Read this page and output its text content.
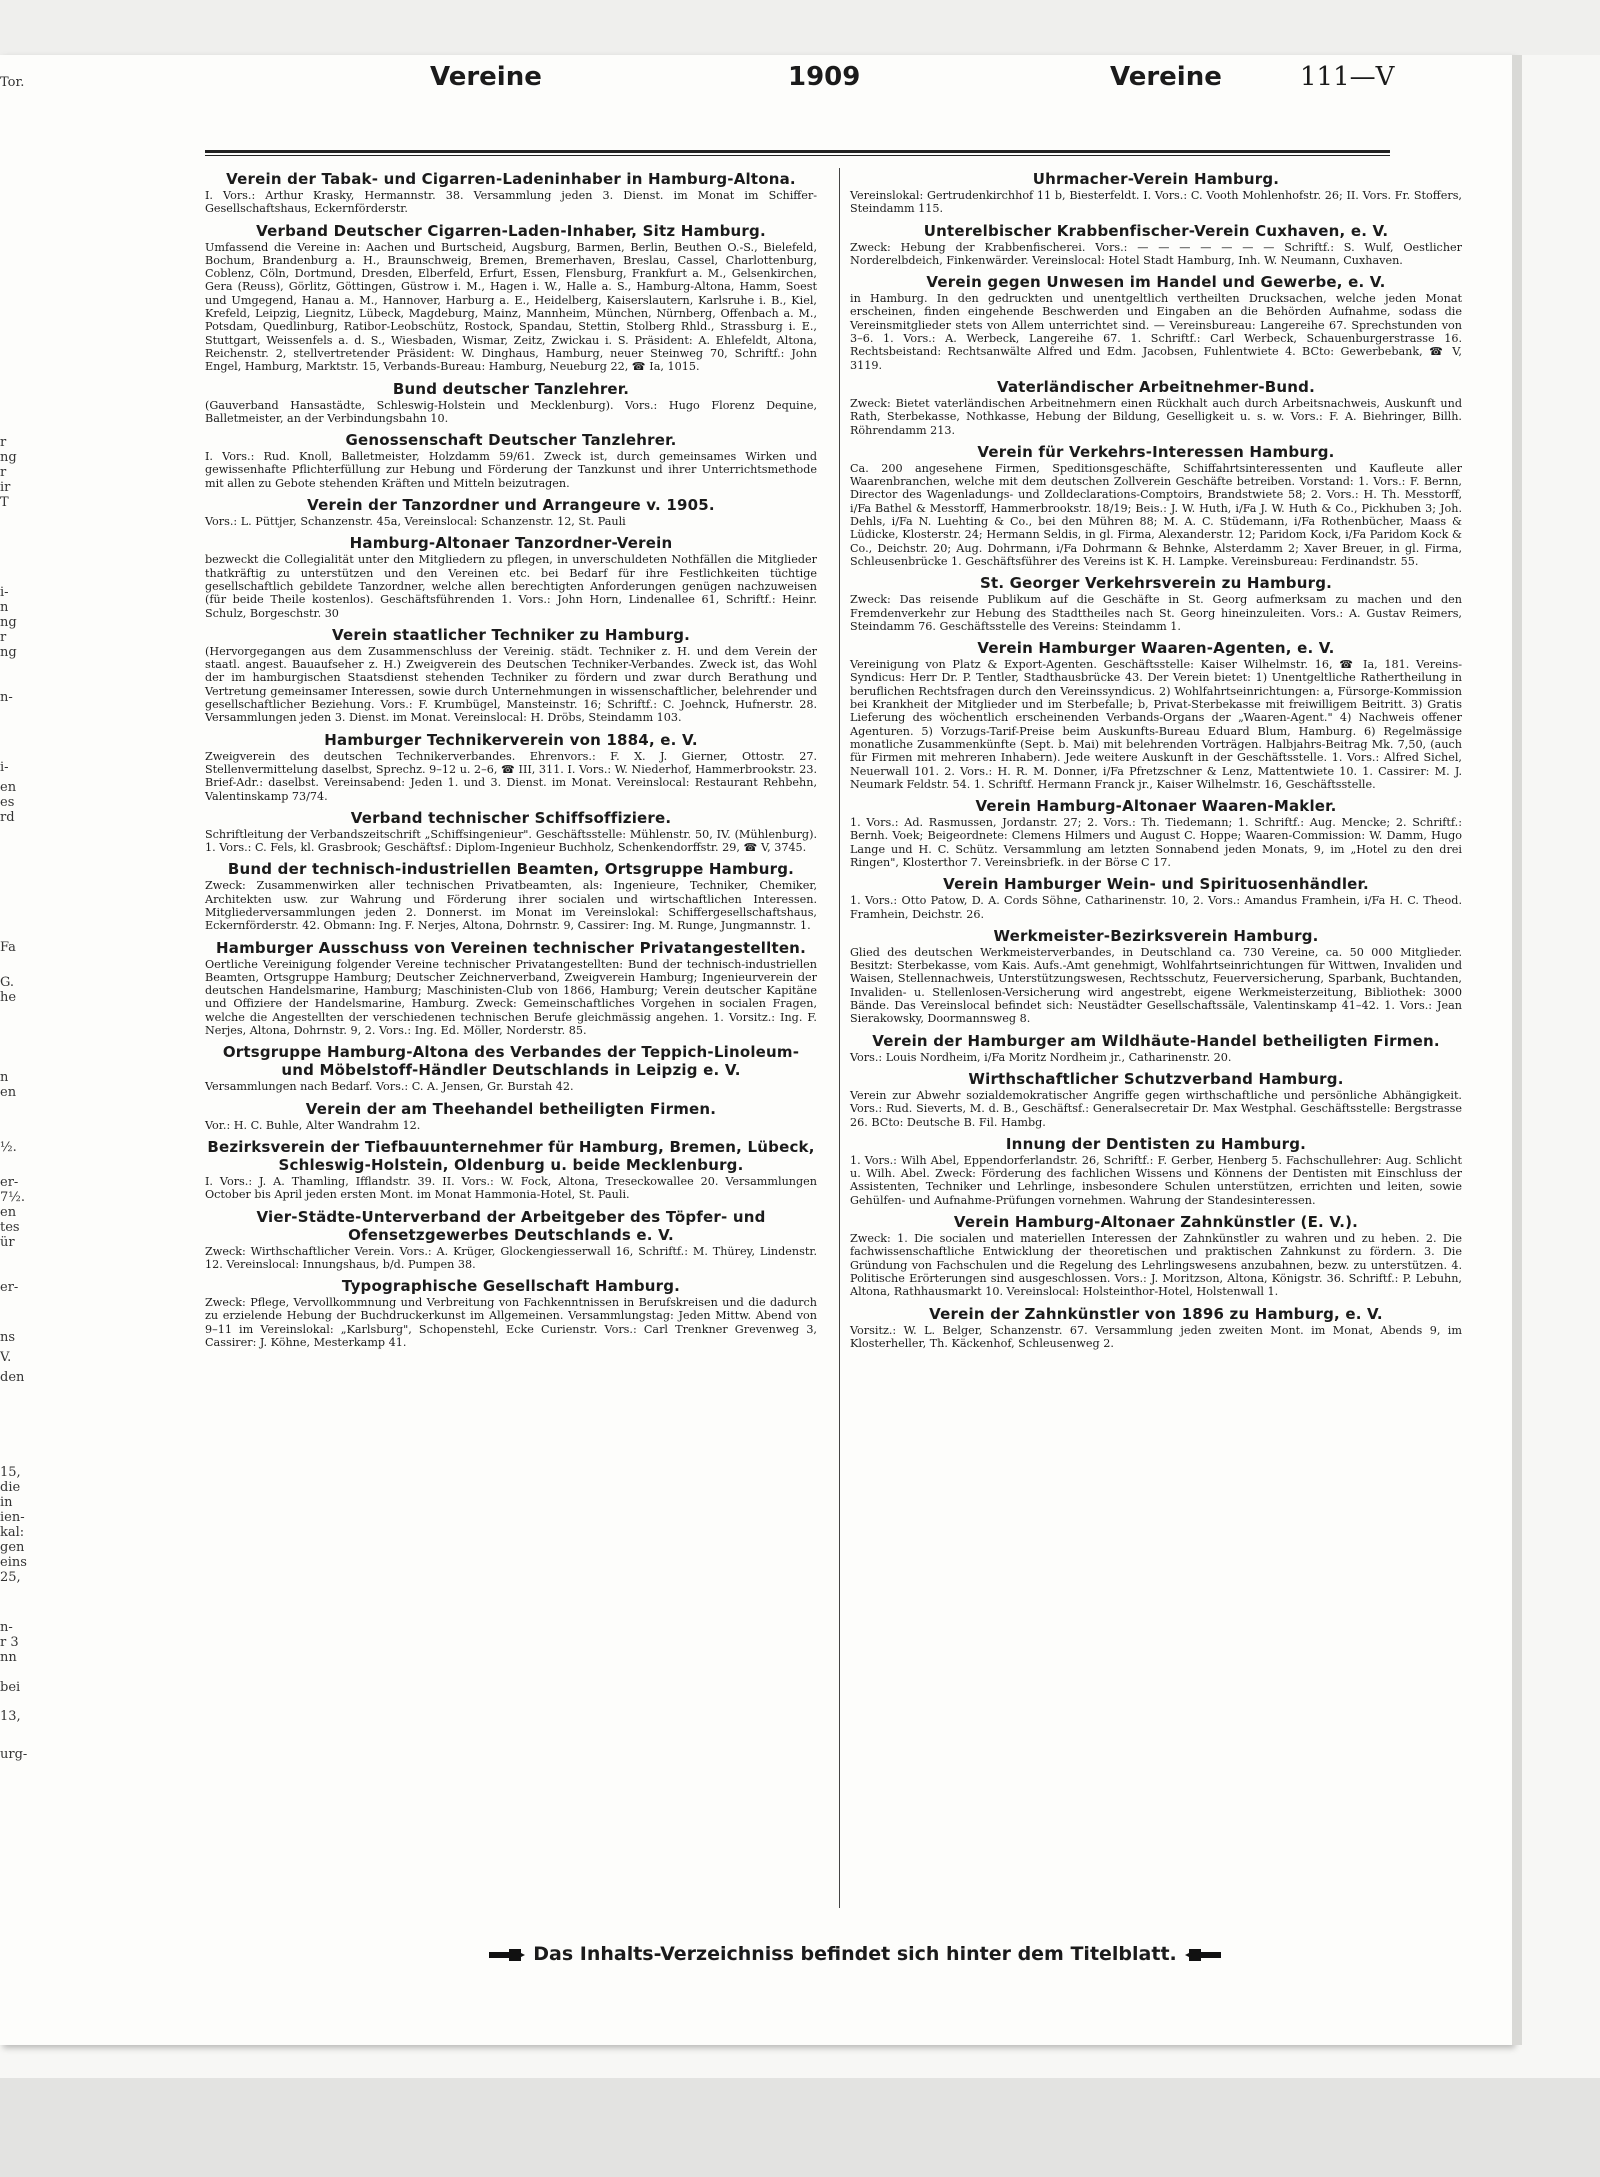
Tor.
r
ng
r
ir
T
i-
n
ng
r
ng
n-
i-
en
es
rd
Fa
G.
he
n
en
½.
er-
7½.
en
tes
ür
er-
ns
V.
den
15,
die
in
ien-
kal:
gen
eins
25,
n-
r 3
nn
bei
13,
urg-
Vereine	1909	Vereine	111—V
Verein der Tabak- und Cigarren-Ladeninhaber in Hamburg-Altona.

I. Vors.: Arthur Krasky, Hermannstr. 38. Versammlung jeden 3. Dienst. im Monat im Schiffer-Gesellschaftshaus, Eckernförderstr.

Verband Deutscher Cigarren-Laden-Inhaber, Sitz Hamburg.

Umfassend die Vereine in: Aachen und Burtscheid, Augsburg, Barmen, Berlin, Beuthen O.-S., Bielefeld, Bochum, Brandenburg a. H., Braunschweig, Bremen, Bremerhaven, Breslau, Cassel, Charlottenburg, Coblenz, Cöln, Dortmund, Dresden, Elberfeld, Erfurt, Essen, Flensburg, Frankfurt a. M., Gelsenkirchen, Gera (Reuss), Görlitz, Göttingen, Güstrow i. M., Hagen i. W., Halle a. S., Hamburg-Altona, Hamm, Soest und Umgegend, Hanau a. M., Hannover, Harburg a. E., Heidelberg, Kaiserslautern, Karlsruhe i. B., Kiel, Krefeld, Leipzig, Liegnitz, Lübeck, Magdeburg, Mainz, Mannheim, München, Nürnberg, Offenbach a. M., Potsdam, Quedlinburg, Ratibor-Leobschütz, Rostock, Spandau, Stettin, Stolberg Rhld., Strassburg i. E., Stuttgart, Weissenfels a. d. S., Wiesbaden, Wismar, Zeitz, Zwickau i. S. Präsident: A. Ehlefeldt, Altona, Reichenstr. 2, stellvertretender Präsident: W. Dinghaus, Hamburg, neuer Steinweg 70, Schriftf.: John Engel, Hamburg, Marktstr. 15, Verbands-Bureau: Hamburg, Neueburg 22, ☎ Ia, 1015.

Bund deutscher Tanzlehrer.

(Gauverband Hansastädte, Schleswig-Holstein und Mecklenburg). Vors.: Hugo Florenz Dequine, Balletmeister, an der Verbindungsbahn 10.

Genossenschaft Deutscher Tanzlehrer.

I. Vors.: Rud. Knoll, Balletmeister, Holzdamm 59/61. Zweck ist, durch gemeinsames Wirken und gewissenhafte Pflichterfüllung zur Hebung und Förderung der Tanzkunst und ihrer Unterrichtsmethode mit allen zu Gebote stehenden Kräften und Mitteln beizutragen.

Verein der Tanzordner und Arrangeure v. 1905.

Vors.: L. Püttjer, Schanzenstr. 45a, Vereinslocal: Schanzenstr. 12, St. Pauli

Hamburg-Altonaer Tanzordner-Verein

bezweckt die Collegialität unter den Mitgliedern zu pflegen, in unverschuldeten Nothfällen die Mitglieder thatkräftig zu unterstützen und den Vereinen etc. bei Bedarf für ihre Festlichkeiten tüchtige gesellschaftlich gebildete Tanzordner, welche allen berechtigten Anforderungen genügen nachzuweisen (für beide Theile kostenlos). Geschäftsführenden 1. Vors.: John Horn, Lindenallee 61, Schriftf.: Heinr. Schulz, Borgeschstr. 30

Verein staatlicher Techniker zu Hamburg.

(Hervorgegangen aus dem Zusammenschluss der Vereinig. städt. Techniker z. H. und dem Verein der staatl. angest. Bauaufseher z. H.) Zweigverein des Deutschen Techniker-Verbandes. Zweck ist, das Wohl der im hamburgischen Staatsdienst stehenden Techniker zu fördern und zwar durch Berathung und Vertretung gemeinsamer Interessen, sowie durch Unternehmungen in wissenschaftlicher, belehrender und gesellschaftlicher Beziehung. Vors.: F. Krumbügel, Mansteinstr. 16; Schriftf.: C. Joehnck, Hufnerstr. 28. Versammlungen jeden 3. Dienst. im Monat. Vereinslocal: H. Dröbs, Steindamm 103.

Hamburger Technikerverein von 1884, e. V.

Zweigverein des deutschen Technikerverbandes. Ehrenvors.: F. X. J. Gierner, Ottostr. 27. Stellenvermittelung daselbst, Sprechz. 9–12 u. 2–6, ☎ III, 311. I. Vors.: W. Niederhof, Hammerbrookstr. 23. Brief-Adr.: daselbst. Vereinsabend: Jeden 1. und 3. Dienst. im Monat. Vereinslocal: Restaurant Rehbehn, Valentinskamp 73/74.

Verband technischer Schiffsoffiziere.

Schriftleitung der Verbandszeitschrift „Schiffsingenieur". Geschäftsstelle: Mühlenstr. 50, IV. (Mühlenburg). 1. Vors.: C. Fels, kl. Grasbrook; Geschäftsf.: Diplom-Ingenieur Buchholz, Schenkendorffstr. 29, ☎ V, 3745.

Bund der technisch-industriellen Beamten, Ortsgruppe Hamburg.

Zweck: Zusammenwirken aller technischen Privatbeamten, als: Ingenieure, Techniker, Chemiker, Architekten usw. zur Wahrung und Förderung ihrer socialen und wirtschaftlichen Interessen. Mitgliederversammlungen jeden 2. Donnerst. im Monat im Vereinslokal: Schiffergesellschaftshaus, Eckernförderstr. 42. Obmann: Ing. F. Nerjes, Altona, Dohrnstr. 9, Cassirer: Ing. M. Runge, Jungmannstr. 1.

Hamburger Ausschuss von Vereinen technischer Privatangestellten.

Oertliche Vereinigung folgender Vereine technischer Privatangestellten: Bund der technisch-industriellen Beamten, Ortsgruppe Hamburg; Deutscher Zeichnerverband, Zweigverein Hamburg; Ingenieurverein der deutschen Handelsmarine, Hamburg; Maschinisten-Club von 1866, Hamburg; Verein deutscher Kapitäne und Offiziere der Handelsmarine, Hamburg. Zweck: Gemeinschaftliches Vorgehen in socialen Fragen, welche die Angestellten der verschiedenen technischen Berufe gleichmässig angehen. 1. Vorsitz.: Ing. F. Nerjes, Altona, Dohrnstr. 9, 2. Vors.: Ing. Ed. Möller, Norderstr. 85.

Ortsgruppe Hamburg-Altona des Verbandes der Teppich-Linoleum- und Möbelstoff-Händler Deutschlands in Leipzig e. V.

Versammlungen nach Bedarf. Vors.: C. A. Jensen, Gr. Burstah 42.

Verein der am Theehandel betheiligten Firmen.

Vor.: H. C. Buhle, Alter Wandrahm 12.

Bezirksverein der Tiefbauunternehmer für Hamburg, Bremen, Lübeck, Schleswig-Holstein, Oldenburg u. beide Mecklenburg.

I. Vors.: J. A. Thamling, Ifflandstr. 39. II. Vors.: W. Fock, Altona, Treseckowallee 20. Versammlungen October bis April jeden ersten Mont. im Monat Hammonia-Hotel, St. Pauli.

Vier-Städte-Unterverband der Arbeitgeber des Töpfer- und Ofensetzgewerbes Deutschlands e. V.

Zweck: Wirthschaftlicher Verein. Vors.: A. Krüger, Glockengiesserwall 16, Schriftf.: M. Thürey, Lindenstr. 12. Vereinslocal: Innungshaus, b/d. Pumpen 38.

Typographische Gesellschaft Hamburg.

Zweck: Pflege, Vervollkommnung und Verbreitung von Fachkenntnissen in Berufskreisen und die dadurch zu erzielende Hebung der Buchdruckerkunst im Allgemeinen. Versammlungstag: Jeden Mittw. Abend von 9–11 im Vereinslokal: „Karlsburg", Schopenstehl, Ecke Curienstr. Vors.: Carl Trenkner Grevenweg 3, Cassirer: J. Köhne, Mesterkamp 41.

Uhrmacher-Verein Hamburg.

Vereinslokal: Gertrudenkirchhof 11 b, Biesterfeldt. I. Vors.: C. Vooth Mohlenhofstr. 26; II. Vors. Fr. Stoffers, Steindamm 115.

Unterelbischer Krabbenfischer-Verein Cuxhaven, e. V.

Zweck: Hebung der Krabbenfischerei. Vors.: — — — — — — — Schriftf.: S. Wulf, Oestlicher Norderelbdeich, Finkenwärder. Vereinslocal: Hotel Stadt Hamburg, Inh. W. Neumann, Cuxhaven.

Verein gegen Unwesen im Handel und Gewerbe, e. V.

in Hamburg. In den gedruckten und unentgeltlich vertheilten Drucksachen, welche jeden Monat erscheinen, finden eingehende Beschwerden und Eingaben an die Behörden Aufnahme, sodass die Vereinsmitglieder stets von Allem unterrichtet sind. — Vereinsbureau: Langereihe 67. Sprechstunden von 3–6. 1. Vors.: A. Werbeck, Langereihe 67. 1. Schriftf.: Carl Werbeck, Schauenburgerstrasse 16. Rechtsbeistand: Rechtsanwälte Alfred und Edm. Jacobsen, Fuhlentwiete 4. BCto: Gewerbebank, ☎ V, 3119.

Vaterländischer Arbeitnehmer-Bund.

Zweck: Bietet vaterländischen Arbeitnehmern einen Rückhalt auch durch Arbeitsnachweis, Auskunft und Rath, Sterbekasse, Nothkasse, Hebung der Bildung, Geselligkeit u. s. w. Vors.: F. A. Biehringer, Billh. Röhrendamm 213.

Verein für Verkehrs-Interessen Hamburg.

Ca. 200 angesehene Firmen, Speditionsgeschäfte, Schiffahrtsinteressenten und Kaufleute aller Waarenbranchen, welche mit dem deutschen Zollverein Geschäfte betreiben. Vorstand: 1. Vors.: F. Bernn, Director des Wagenladungs- und Zolldeclarations-Comptoirs, Brandstwiete 58; 2. Vors.: H. Th. Messtorff, i/Fa Bathel & Messtorff, Hammerbrookstr. 18/19; Beis.: J. W. Huth, i/Fa J. W. Huth & Co., Pickhuben 3; Joh. Dehls, i/Fa N. Luehting & Co., bei den Mühren 88; M. A. C. Stüdemann, i/Fa Rothenbücher, Maass & Lüdicke, Klosterstr. 24; Hermann Seldis, in gl. Firma, Alexanderstr. 12; Paridom Kock, i/Fa Paridom Kock & Co., Deichstr. 20; Aug. Dohrmann, i/Fa Dohrmann & Behnke, Alsterdamm 2; Xaver Breuer, in gl. Firma, Schleusenbrücke 1. Geschäftsführer des Vereins ist K. H. Lampke. Vereinsbureau: Ferdinandstr. 55.

St. Georger Verkehrsverein zu Hamburg.

Zweck: Das reisende Publikum auf die Geschäfte in St. Georg aufmerksam zu machen und den Fremdenverkehr zur Hebung des Stadttheiles nach St. Georg hineinzuleiten. Vors.: A. Gustav Reimers, Steindamm 76. Geschäftsstelle des Vereins: Steindamm 1.

Verein Hamburger Waaren-Agenten, e. V.

Vereinigung von Platz & Export-Agenten. Geschäftsstelle: Kaiser Wilhelmstr. 16, ☎ Ia, 181. Vereins-Syndicus: Herr Dr. P. Tentler, Stadthausbrücke 43. Der Verein bietet: 1) Unentgeltliche Rathertheilung in beruflichen Rechtsfragen durch den Vereinssyndicus. 2) Wohlfahrtseinrichtungen: a, Fürsorge-Kommission bei Krankheit der Mitglieder und im Sterbefalle; b, Privat-Sterbekasse mit freiwilligem Beitritt. 3) Gratis Lieferung des wöchentlich erscheinenden Verbands-Organs der „Waaren-Agent." 4) Nachweis offener Agenturen. 5) Vorzugs-Tarif-Preise beim Auskunfts-Bureau Eduard Blum, Hamburg. 6) Regelmässige monatliche Zusammenkünfte (Sept. b. Mai) mit belehrenden Vorträgen. Halbjahrs-Beitrag Mk. 7,50, (auch für Firmen mit mehreren Inhabern). Jede weitere Auskunft in der Geschäftsstelle. 1. Vors.: Alfred Sichel, Neuerwall 101. 2. Vors.: H. R. M. Donner, i/Fa Pfretzschner & Lenz, Mattentwiete 10. 1. Cassirer: M. J. Neumark Feldstr. 54. 1. Schriftf. Hermann Franck jr., Kaiser Wilhelmstr. 16, Geschäftsstelle.

Verein Hamburg-Altonaer Waaren-Makler.

1. Vors.: Ad. Rasmussen, Jordanstr. 27; 2. Vors.: Th. Tiedemann; 1. Schriftf.: Aug. Mencke; 2. Schriftf.: Bernh. Voek; Beigeordnete: Clemens Hilmers und August C. Hoppe; Waaren-Commission: W. Damm, Hugo Lange und H. C. Schütz. Versammlung am letzten Sonnabend jeden Monats, 9, im „Hotel zu den drei Ringen", Klosterthor 7. Vereinsbriefk. in der Börse C 17.

Verein Hamburger Wein- und Spirituosenhändler.

1. Vors.: Otto Patow, D. A. Cords Söhne, Catharinenstr. 10, 2. Vors.: Amandus Framhein, i/Fa H. C. Theod. Framhein, Deichstr. 26.

Werkmeister-Bezirksverein Hamburg.

Glied des deutschen Werkmeisterverbandes, in Deutschland ca. 730 Vereine, ca. 50 000 Mitglieder. Besitzt: Sterbekasse, vom Kais. Aufs.-Amt genehmigt, Wohlfahrtseinrichtungen für Wittwen, Invaliden und Waisen, Stellennachweis, Unterstützungswesen, Rechtsschutz, Feuerversicherung, Sparbank, Buchtanden, Invaliden- u. Stellenlosen-Versicherung wird angestrebt, eigene Werkmeisterzeitung, Bibliothek: 3000 Bände. Das Vereinslocal befindet sich: Neustädter Gesellschaftssäle, Valentinskamp 41–42. 1. Vors.: Jean Sierakowsky, Doormannsweg 8.

Verein der Hamburger am Wildhäute-Handel betheiligten Firmen.

Vors.: Louis Nordheim, i/Fa Moritz Nordheim jr., Catharinenstr. 20.

Wirthschaftlicher Schutzverband Hamburg.

Verein zur Abwehr sozialdemokratischer Angriffe gegen wirthschaftliche und persönliche Abhängigkeit. Vors.: Rud. Sieverts, M. d. B., Geschäftsf.: Generalsecretair Dr. Max Westphal. Geschäftsstelle: Bergstrasse 26. BCto: Deutsche B. Fil. Hambg.

Innung der Dentisten zu Hamburg.

1. Vors.: Wilh Abel, Eppendorferlandstr. 26, Schriftf.: F. Gerber, Henberg 5. Fachschullehrer: Aug. Schlicht u. Wilh. Abel. Zweck: Förderung des fachlichen Wissens und Könnens der Dentisten mit Einschluss der Assistenten, Techniker und Lehrlinge, insbesondere Schulen unterstützen, errichten und leiten, sowie Gehülfen- und Aufnahme-Prüfungen vornehmen. Wahrung der Standesinteressen.

Verein Hamburg-Altonaer Zahnkünstler (E. V.).

Zweck: 1. Die socialen und materiellen Interessen der Zahnkünstler zu wahren und zu heben. 2. Die fachwissenschaftliche Entwicklung der theoretischen und praktischen Zahnkunst zu fördern. 3. Die Gründung von Fachschulen und die Regelung des Lehrlingswesens anzubahnen, bezw. zu unterstützen. 4. Politische Erörterungen sind ausgeschlossen. Vors.: J. Moritzson, Altona, Königstr. 36. Schriftf.: P. Lebuhn, Altona, Rathhausmarkt 10. Vereinslocal: Holsteinthor-Hotel, Holstenwall 1.

Verein der Zahnkünstler von 1896 zu Hamburg, e. V.

Vorsitz.: W. L. Belger, Schanzenstr. 67. Versammlung jeden zweiten Mont. im Monat, Abends 9, im Klosterheller, Th. Käckenhof, Schleusenweg 2.

Das Inhalts-Verzeichniss befindet sich hinter dem Titelblatt.
